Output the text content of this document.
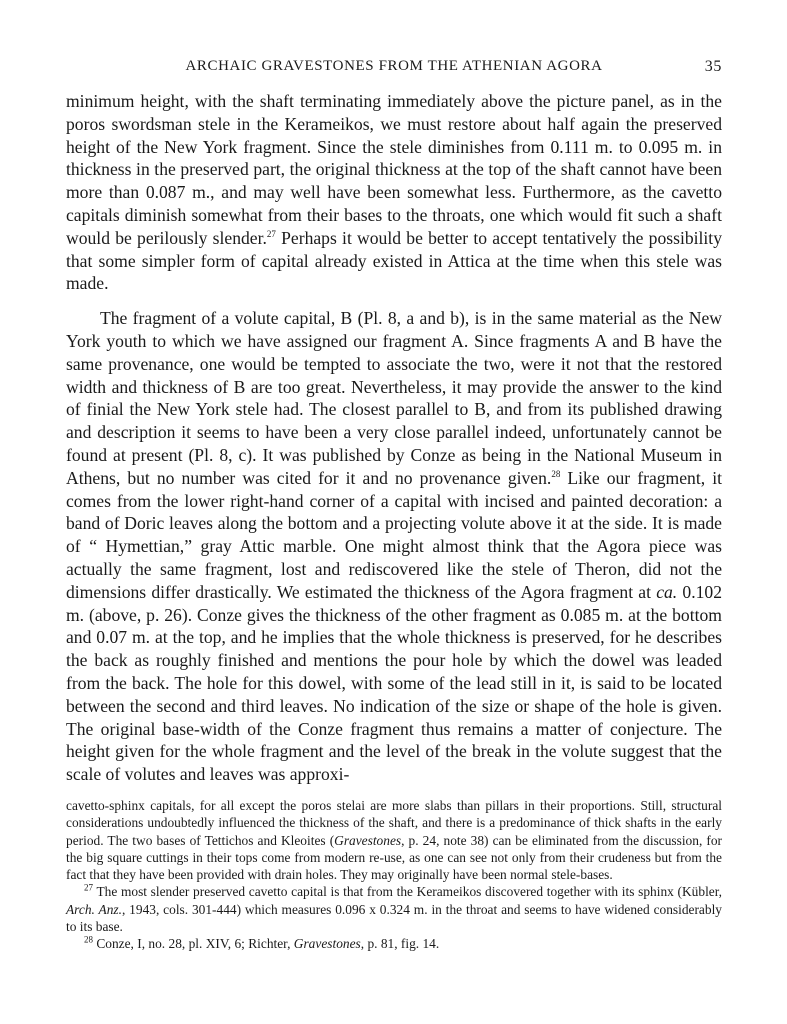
ARCHAIC GRAVESTONES FROM THE ATHENIAN AGORA	35

minimum height, with the shaft terminating immediately above the picture panel, as in the poros swordsman stele in the Kerameikos, we must restore about half again the preserved height of the New York fragment. Since the stele diminishes from 0.111 m. to 0.095 m. in thickness in the preserved part, the original thickness at the top of the shaft cannot have been more than 0.087 m., and may well have been somewhat less. Furthermore, as the cavetto capitals diminish somewhat from their bases to the throats, one which would fit such a shaft would be perilously slender.$^{27}$ Perhaps it would be better to accept tentatively the possibility that some simpler form of capital already existed in Attica at the time when this stele was made.

The fragment of a volute capital, B (Pl. 8, a and b), is in the same material as the New York youth to which we have assigned our fragment A. Since fragments A and B have the same provenance, one would be tempted to associate the two, were it not that the restored width and thickness of B are too great. Nevertheless, it may provide the answer to the kind of finial the New York stele had. The closest parallel to B, and from its published drawing and description it seems to have been a very close parallel indeed, unfortunately cannot be found at present (Pl. 8, c). It was published by Conze as being in the National Museum in Athens, but no number was cited for it and no provenance given.$^{28}$ Like our fragment, it comes from the lower right-hand corner of a capital with incised and painted decoration: a band of Doric leaves along the bottom and a projecting volute above it at the side. It is made of “ Hymettian,” gray Attic marble. One might almost think that the Agora piece was actually the same fragment, lost and rediscovered like the stele of Theron, did not the dimensions differ drastically. We estimated the thickness of the Agora fragment at ca. 0.102 m. (above, p. 26). Conze gives the thickness of the other fragment as 0.085 m. at the bottom and 0.07 m. at the top, and he implies that the whole thickness is preserved, for he describes the back as roughly finished and mentions the pour hole by which the dowel was leaded from the back. The hole for this dowel, with some of the lead still in it, is said to be located between the second and third leaves. No indication of the size or shape of the hole is given. The original base-width of the Conze fragment thus remains a matter of conjecture. The height given for the whole fragment and the level of the break in the volute suggest that the scale of volutes and leaves was approxi-

cavetto-sphinx capitals, for all except the poros stelai are more slabs than pillars in their proportions. Still, structural considerations undoubtedly influenced the thickness of the shaft, and there is a predominance of thick shafts in the early period. The two bases of Tettichos and Kleoites (Gravestones, p. 24, note 38) can be eliminated from the discussion, for the big square cuttings in their tops come from modern re-use, as one can see not only from their crudeness but from the fact that they have been provided with drain holes. They may originally have been normal stele-bases.

$^{27}$ The most slender preserved cavetto capital is that from the Kerameikos discovered together with its sphinx (Kübler, Arch. Anz., 1943, cols. 301-444) which measures 0.096 x 0.324 m. in the throat and seems to have widened considerably to its base.

$^{28}$ Conze, I, no. 28, pl. XIV, 6; Richter, Gravestones, p. 81, fig. 14.
